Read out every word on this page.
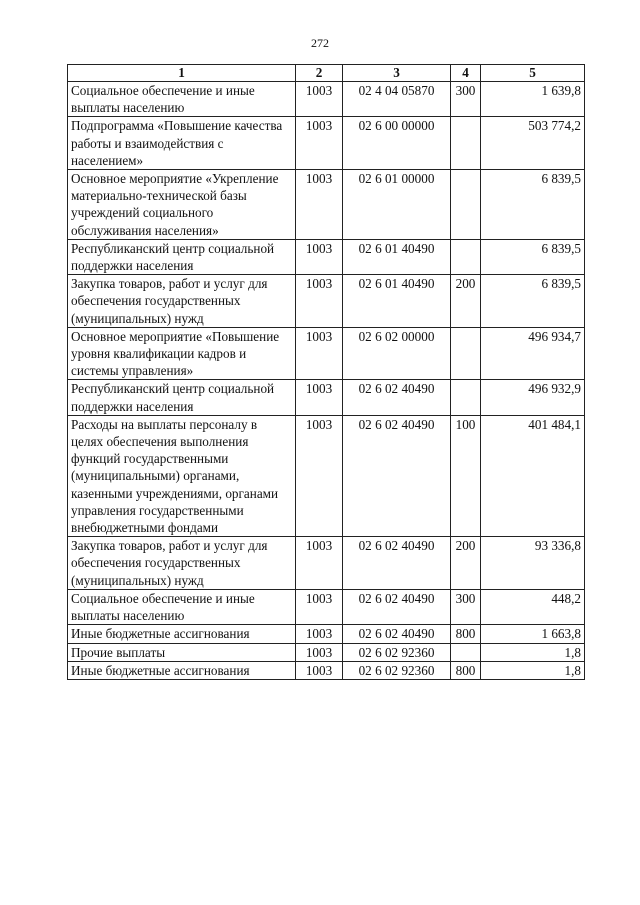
272
1	2	3	4	5
Социальное обеспечение и иные выплаты населению	1003	02 4 04 05870	300	1 639,8
Подпрограмма «Повышение качества работы и взаимодействия с населением»	1003	02 6 00 00000		503 774,2
Основное мероприятие «Укрепление материально-технической базы учреждений социального обслуживания населения»	1003	02 6 01 00000		6 839,5
Республиканский центр социальной поддержки населения	1003	02 6 01 40490		6 839,5
Закупка товаров, работ и услуг для обеспечения государственных (муниципальных) нужд	1003	02 6 01 40490	200	6 839,5
Основное мероприятие «Повышение уровня квалификации кадров и системы управления»	1003	02 6 02 00000		496 934,7
Республиканский центр социальной поддержки населения	1003	02 6 02 40490		496 932,9
Расходы на выплаты персоналу в целях обеспечения выполнения функций государственными (муниципальными) органами, казенными учреждениями, органами управления государственными внебюджетными фондами	1003	02 6 02 40490	100	401 484,1
Закупка товаров, работ и услуг для обеспечения государственных (муниципальных) нужд	1003	02 6 02 40490	200	93 336,8
Социальное обеспечение и иные выплаты населению	1003	02 6 02 40490	300	448,2
Иные бюджетные ассигнования	1003	02 6 02 40490	800	1 663,8
Прочие выплаты	1003	02 6 02 92360		1,8
Иные бюджетные ассигнования	1003	02 6 02 92360	800	1,8
